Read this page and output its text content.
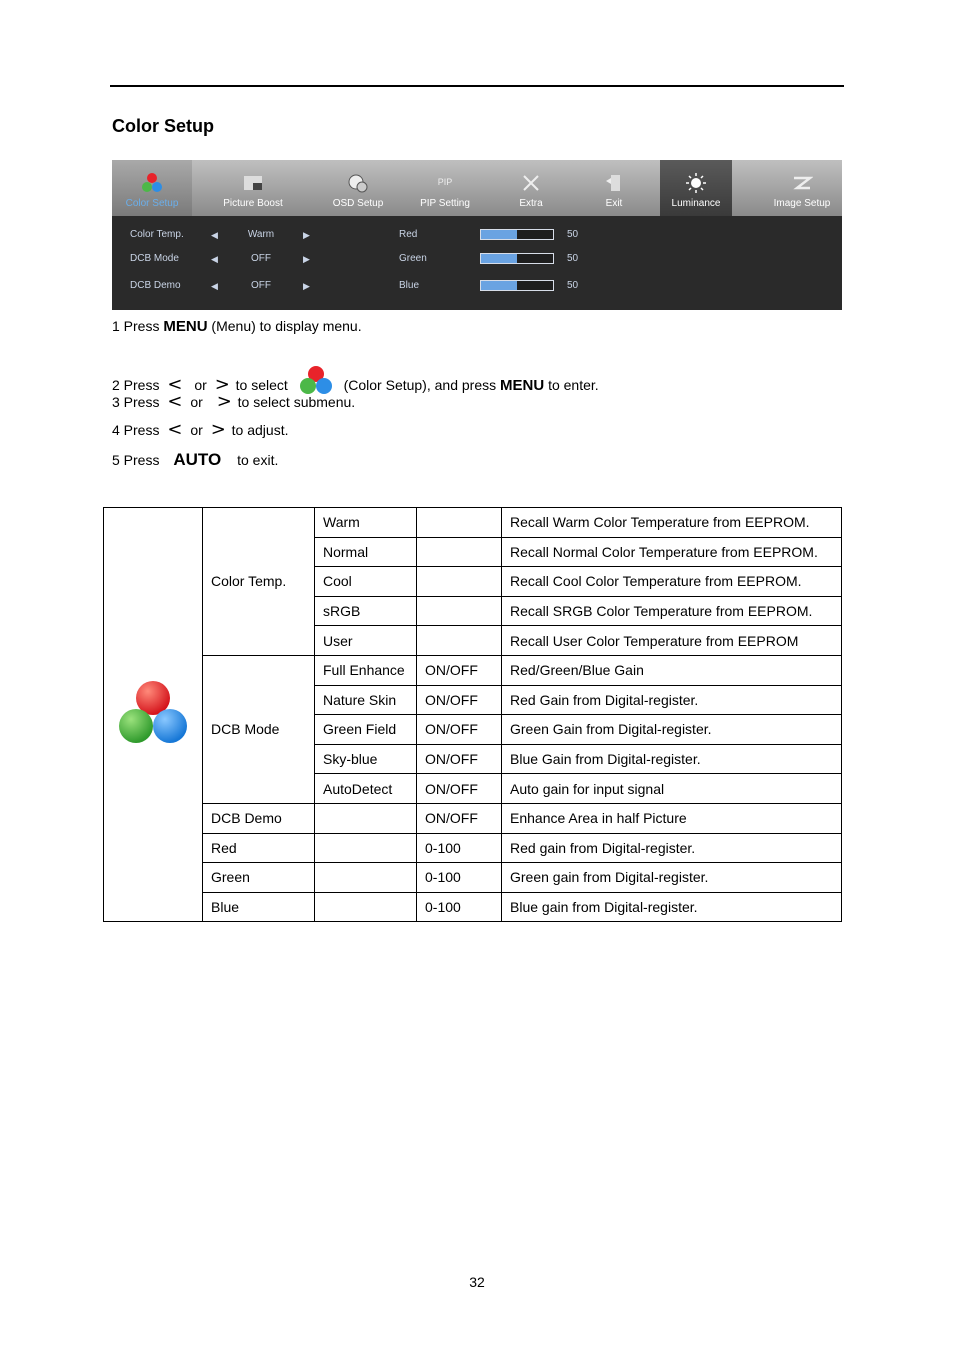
Color Setup
Color Setup	Picture Boost	OSD Setup
PIP
PIP Setting	Extra	Exit	Luminance	Image Setup
Color Temp.	◀	Warm	▶
DCB Mode	◀	OFF	▶
DCB Demo	◀	OFF	▶
Red	50
Green	50
Blue	50
1 Press MENU (Menu) to display menu.
2 Press < or > to select	(Color Setup), and press MENU to enter.
3 Press < or > to select submenu.
4 Press < or > to adjust.
5 Press AUTO to exit.
	Color Temp.	Warm		Recall Warm Color Temperature from EEPROM.
		Normal		Recall Normal Color Temperature from EEPROM.
		Cool		Recall Cool Color Temperature from EEPROM.
		sRGB		Recall SRGB Color Temperature from EEPROM.
		User		Recall User Color Temperature from EEPROM
	DCB Mode	Full Enhance	ON/OFF	Red/Green/Blue Gain
		Nature Skin	ON/OFF	Red Gain from Digital-register.
		Green Field	ON/OFF	Green Gain from Digital-register.
		Sky-blue	ON/OFF	Blue Gain from Digital-register.
		AutoDetect	ON/OFF	Auto gain for input signal
	DCB Demo		ON/OFF	Enhance Area in half Picture
	Red		0-100	Red gain from Digital-register.
	Green		0-100	Green gain from Digital-register.
	Blue		0-100	Blue gain from Digital-register.
32
